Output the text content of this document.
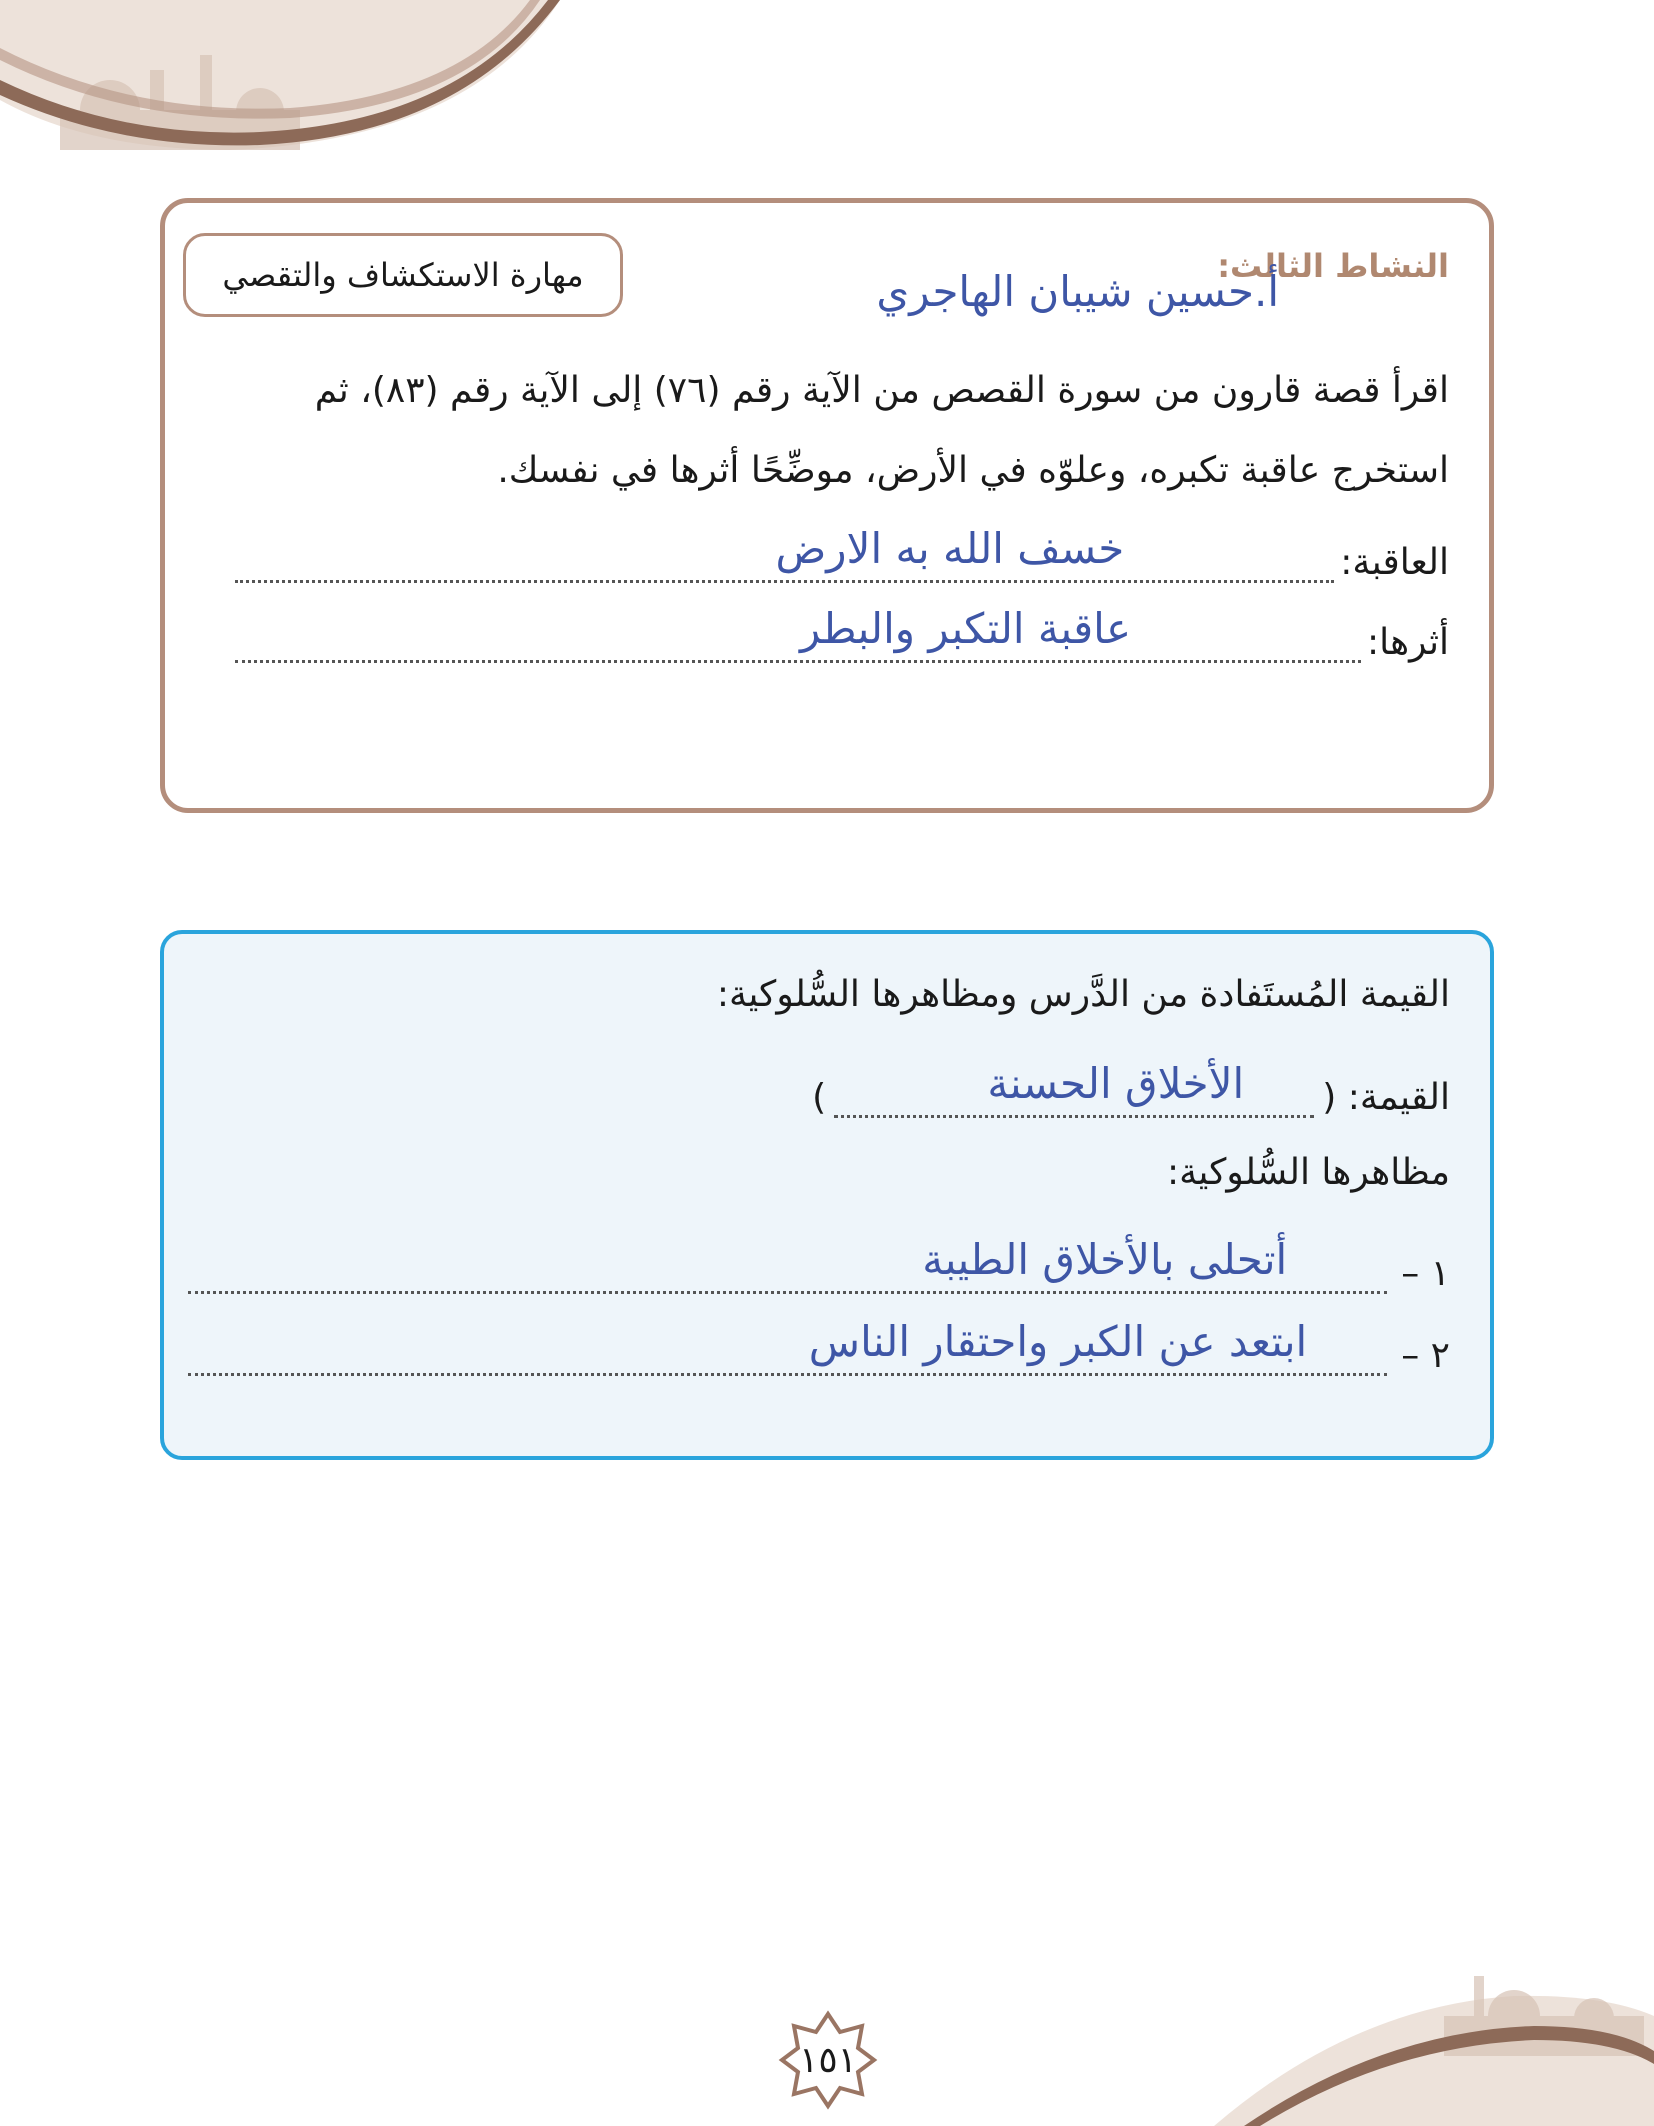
مهارة الاستكشاف والتقصي	النشاط الثالث:
أ.حسين شيبان الهاجري
اقرأ قصة قارون من سورة القصص من الآية رقم (٧٦) إلى الآية رقم (٨٣)، ثم استخرج عاقبة تكبره، وعلوّه في الأرض، موضِّحًا أثرها في نفسك.
العاقبة:
خسف الله به الارض
أثرها:
عاقبة التكبر والبطر
القيمة المُستَفادة من الدَّرس ومظاهرها السُّلوكية:
القيمة: (
الأخلاق الحسنة
)
مظاهرها السُّلوكية:
١ –
أتحلى بالأخلاق الطيبة
٢ –
ابتعد عن الكبر واحتقار الناس
١٥١
